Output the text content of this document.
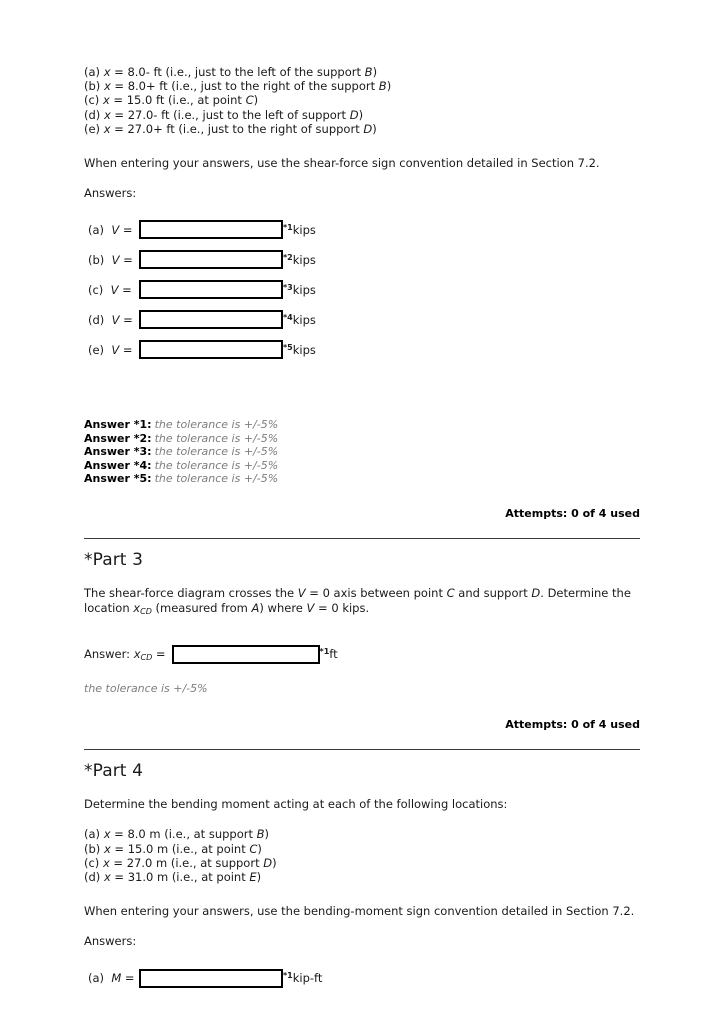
(a) x = 8.0- ft (i.e., just to the left of the support B)
(b) x = 8.0+ ft (i.e., just to the right of the support B)
(c) x = 15.0 ft (i.e., at point C)
(d) x = 27.0- ft (i.e., just to the left of support D)
(e) x = 27.0+ ft (i.e., just to the right of support D)
When entering your answers, use the shear-force sign convention detailed in Section 7.2.
Answers:
(a)  V =	$^{*1}$kips
(b)  V =	$^{*2}$kips
(c)  V =	$^{*3}$kips
(d)  V =	$^{*4}$kips
(e)  V =	$^{*5}$kips
Answer *1: the tolerance is +/-5%
Answer *2: the tolerance is +/-5%
Answer *3: the tolerance is +/-5%
Answer *4: the tolerance is +/-5%
Answer *5: the tolerance is +/-5%
Attempts: 0 of 4 used
*Part 3
The shear-force diagram crosses the V = 0 axis between point C and support D. Determine the
location $x_{CD}$ (measured from A) where V = 0 kips.
Answer: $x_{CD}$ =	$^{*1}$ft
the tolerance is +/-5%
Attempts: 0 of 4 used
*Part 4
Determine the bending moment acting at each of the following locations:
(a) x = 8.0 m (i.e., at support B)
(b) x = 15.0 m (i.e., at point C)
(c) x = 27.0 m (i.e., at support D)
(d) x = 31.0 m (i.e., at point E)
When entering your answers, use the bending-moment sign convention detailed in Section 7.2.
Answers:
(a)  M =	$^{*1}$kip-ft
